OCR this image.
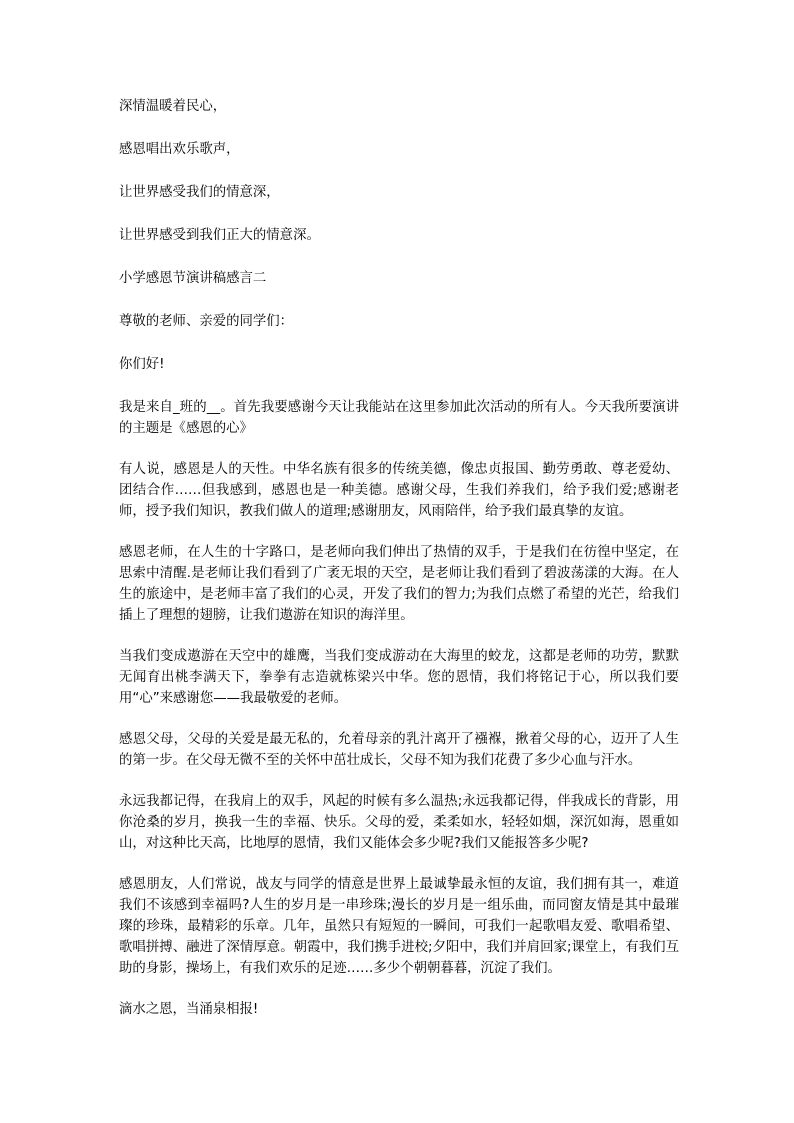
深情温暖着民心，

感恩唱出欢乐歌声，

让世界感受我们的情意深，

让世界感受到我们正大的情意深。

小学感恩节演讲稿感言二

尊敬的老师、亲爱的同学们：

你们好!

我是来自_班的__。首先我要感谢今天让我能站在这里参加此次活动的所有人。今天我所要演讲的主题是《感恩的心》

有人说，感恩是人的天性。中华名族有很多的传统美德，像忠贞报国、勤劳勇敢、尊老爱幼、团结合作……但我感到，感恩也是一种美德。感谢父母，生我们养我们，给予我们爱;感谢老师，授予我们知识，教我们做人的道理;感谢朋友，风雨陪伴，给予我们最真挚的友谊。

感恩老师，在人生的十字路口，是老师向我们伸出了热情的双手，于是我们在彷徨中坚定，在思索中清醒.是老师让我们看到了广袤无垠的天空，是老师让我们看到了碧波荡漾的大海。在人生的旅途中，是老师丰富了我们的心灵，开发了我们的智力;为我们点燃了希望的光芒，给我们插上了理想的翅膀，让我们遨游在知识的海洋里。

当我们变成遨游在天空中的雄鹰，当我们变成游动在大海里的蛟龙，这都是老师的功劳，默默无闻育出桃李满天下，拳拳有志造就栋梁兴中华。您的恩情，我们将铭记于心，所以我们要用“心”来感谢您——我最敬爱的老师。

感恩父母，父母的关爱是最无私的，允着母亲的乳汁离开了襁褓，揪着父母的心，迈开了人生的第一步。在父母无微不至的关怀中茁壮成长，父母不知为我们花费了多少心血与汗水。

永远我都记得，在我肩上的双手，风起的时候有多么温热;永远我都记得，伴我成长的背影，用你沧桑的岁月，换我一生的幸福、快乐。父母的爱，柔柔如水，轻轻如烟，深沉如海，恩重如山，对这种比天高，比地厚的恩情，我们又能体会多少呢?我们又能报答多少呢?

感恩朋友，人们常说，战友与同学的情意是世界上最诚挚最永恒的友谊，我们拥有其一，难道我们不该感到幸福吗?人生的岁月是一串珍珠;漫长的岁月是一组乐曲，而同窗友情是其中最璀璨的珍珠，最精彩的乐章。几年，虽然只有短短的一瞬间，可我们一起歌唱友爱、歌唱希望、歌唱拼搏、融进了深情厚意。朝霞中，我们携手进校;夕阳中，我们并肩回家;课堂上，有我们互助的身影，操场上，有我们欢乐的足迹……多少个朝朝暮暮，沉淀了我们。

滴水之恩，当涌泉相报!
